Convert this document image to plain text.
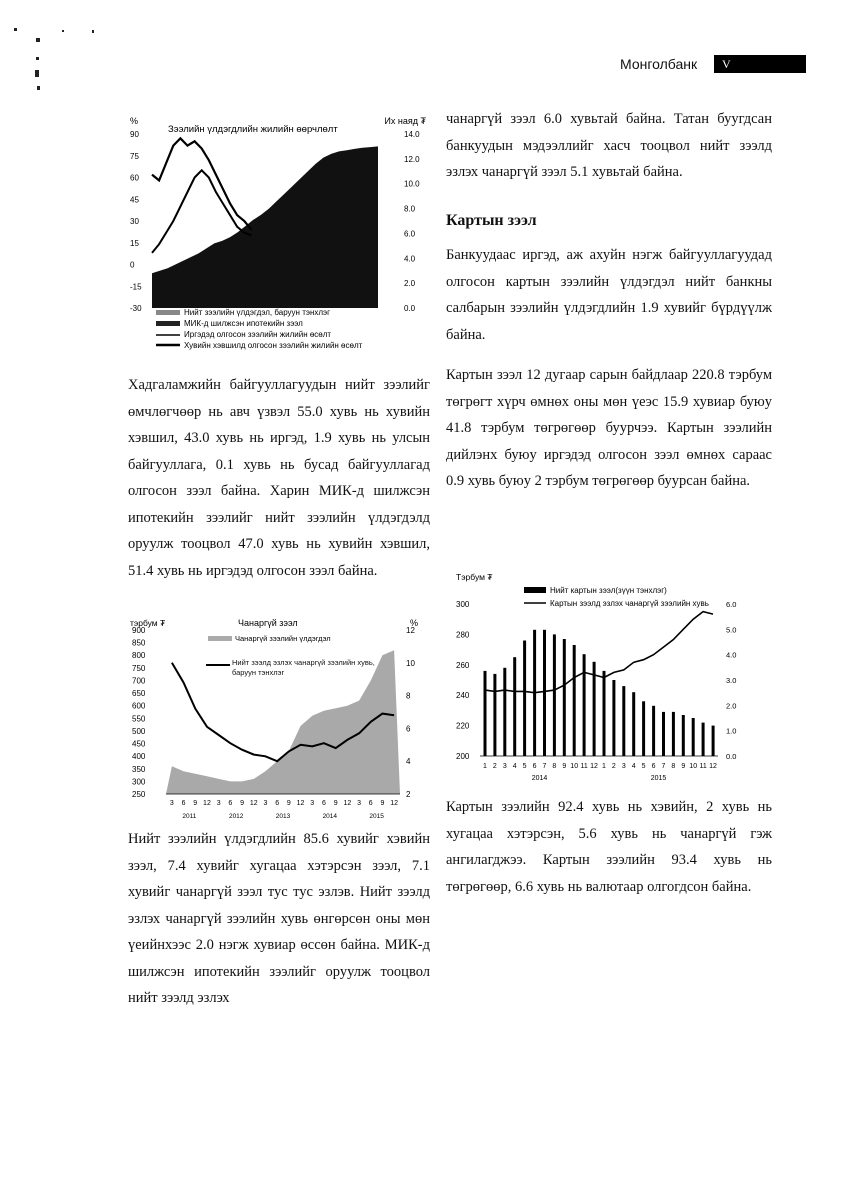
Монголбанк	V
-30
-15
0
15
30
45
60
75
90
0.0
2.0
4.0
6.0
8.0
10.0
12.0
14.0
%	Их наяд ₮
Зээлийн үлдэгдлийн жилийн өөрчлөлт
Нийт зээлийн үлдэгдэл, баруун тэнхлэг
МИК-д шилжсэн ипотекийн зээл
Иргэдэд олгосон зээлийн жилийн өсөлт
Хувийн хэвшилд олгосон зээлийн жилийн өсөлт

Хадгаламжийн байгууллагуудын нийт зээлийг өмчлөгчөөр нь авч үзвэл 55.0 хувь нь хувийн хэвшил, 43.0 хувь нь иргэд, 1.9 хувь нь улсын байгууллага, 0.1 хувь нь бусад байгууллагад олгосон зээл байна. Харин МИК-д шилжсэн ипотекийн зээлийг нийт зээлийн үлдэгдэлд оруулж тооцвол 47.0 хувь нь хувийн хэвшил, 51.4 хувь нь иргэдэд олгосон зээл байна.

250
300
350
400
450
500
550
600
650
700
750
800
850
900
2
4
6
8
10
12
3 6 9 12 3 6 9 12 3 6 9 12 3 6 9 12 3 6 9 12
2011	2012	2013	2014	2015
тэрбум ₮	Чанаргүй зээл	%
Чанаргүй зээлийн үлдэгдэл
Нийт зээлд эзлэх чанаргүй зээлийн хувь, баруун тэнхлэг

Нийт зээлийн үлдэгдлийн 85.6 хувийг хэвийн зээл, 7.4 хувийг хугацаа хэтэрсэн зээл, 7.1 хувийг чанаргүй зээл тус тус эзлэв. Нийт зээлд эзлэх чанаргүй зээлийн хувь өнгөрсөн оны мөн үеийнхээс 2.0 нэгж хувиар өссөн байна. МИК-д шилжсэн ипотекийн зээлийг оруулж тооцвол нийт зээлд эзлэх

чанаргүй зээл 6.0 хувьтай байна. Татан буугдсан банкуудын мэдээллийг хасч тооцвол нийт зээлд эзлэх чанаргүй зээл 5.1 хувьтай байна.

Картын зээл

Банкуудаас иргэд, аж ахуйн нэгж байгууллагуудад олгосон картын зээлийн үлдэгдэл нийт банкны салбарын зээлийн үлдэгдлийн 1.9 хувийг бүрдүүлж байна.

Картын зээл 12 дугаар сарын байдлаар 220.8 тэрбум төгрөгт хүрч өмнөх оны мөн үеэс 15.9 хувиар буюу 41.8 тэрбум төгрөгөөр буурчээ. Картын зээлийн дийлэнх буюу иргэдэд олгосон зээл өмнөх сараас 0.9 хувь буюу 2 тэрбум төгрөгөөр буурсан байна.

200
220
240
260
280
300
0.0
1.0
2.0
3.0
4.0
5.0
6.0
1 2 3 4 5 6 7 8 9 10 11 12 1 2 3 4 5 6 7 8 9 10 11 12
2014	2015
Тэрбум ₮
Нийт картын зээл(зүүн тэнхлэг)
Картын зээлд эзлэх чанаргүй зээлийн хувь

Картын зээлийн 92.4 хувь нь хэвийн, 2 хувь нь хугацаа хэтэрсэн, 5.6 хувь нь чанаргүй гэж ангилагджээ. Картын зээлийн 93.4 хувь нь төгрөгөөр, 6.6 хувь нь валютаар олгогдсон байна.
